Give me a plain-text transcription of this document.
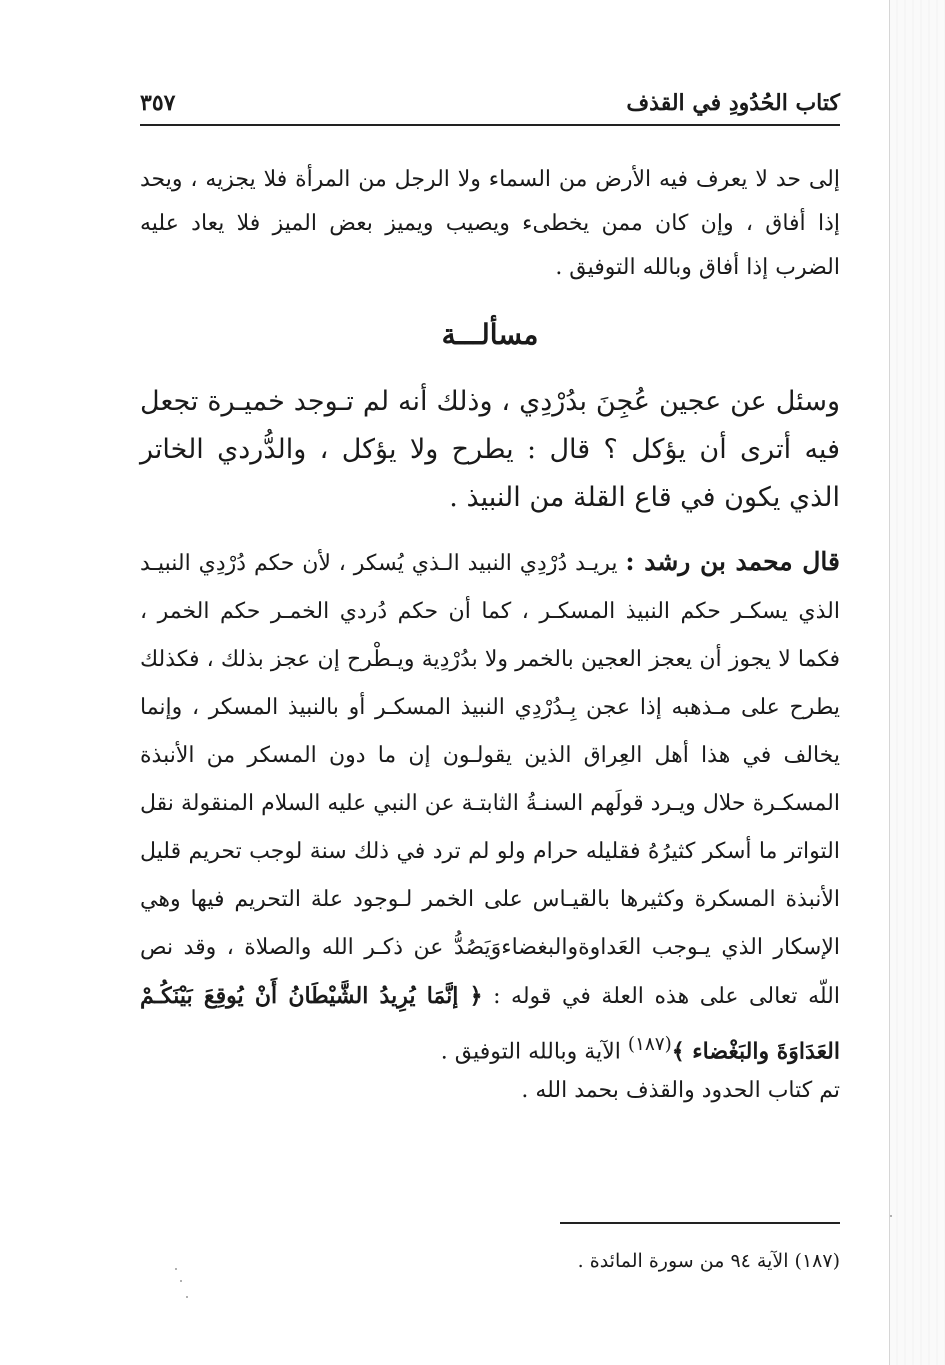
كتاب الحُدُودِ في القذف
٣٥٧

إلى حد لا يعرف فيه الأرض من السماء ولا الرجل من المرأة فلا يجزيه ، ويحد إذا أفاق ، وإن كان ممن يخطىء ويصيب ويميز بعض الميز فلا يعاد عليه الضرب إذا أفاق وبالله التوفيق .

مسألـــة

وسئل عن عجين عُجِنَ بدُرْدِي ، وذلك أنه لم تـوجد خميـرة تجعل فيه أترى أن يؤكل ؟ قال : يطرح ولا يؤكل ، والدُّردي الخاتر الذي يكون في قاع القلة من النبيذ .

قال محمد بن رشد : يريـد دُرْدِي النبيد الـذي يُسكر ، لأن حكم دُرْدِي النبيـد الذي يسكـر حكم النبيذ المسكـر ، كما أن حكم دُردي الخمـر حكم الخمر ، فكما لا يجوز أن يعجز العجين بالخمر ولا بدُرْدِية ويـطْرح إن عجز بذلك ، فكذلك يطرح على مـذهبه إذا عجن بِـدُرْدِي النبيذ المسكـر أو بالنبيذ المسكر ، وإنما يخالف في هذا أهل العِراق الذين يقولـون إن ما دون المسكر من الأنبذة المسكـرة حلال ويـرد قولَهم السنـةُ الثابتـة عن النبي عليه السلام المنقولة نقل التواتر ما أسكر كثيرُهُ فقليله حرام ولو لم ترد في ذلك سنة لوجب تحريم قليل الأنبذة المسكرة وكثيرها بالقيـاس على الخمر لـوجود علة التحريم فيها وهي الإسكار الذي يـوجب العَداوةوالبغضاءوَيَصُدُّ عن ذكـر الله والصلاة ، وقد نص اللّه تعالى على هذه العلة في قوله : ﴿ إنَّمَا يُرِيدُ الشَّيْطَانُ أَنْ يُوقِعَ بَيْنَكُـمْ العَدَاوَةَ والبَغْضاء ﴾$^{(١٨٧)}$ الآية وبالله التوفيق .

تم كتاب الحدود والقذف بحمد الله .
(١٨٧) الآية ٩٤ من سورة المائدة .
